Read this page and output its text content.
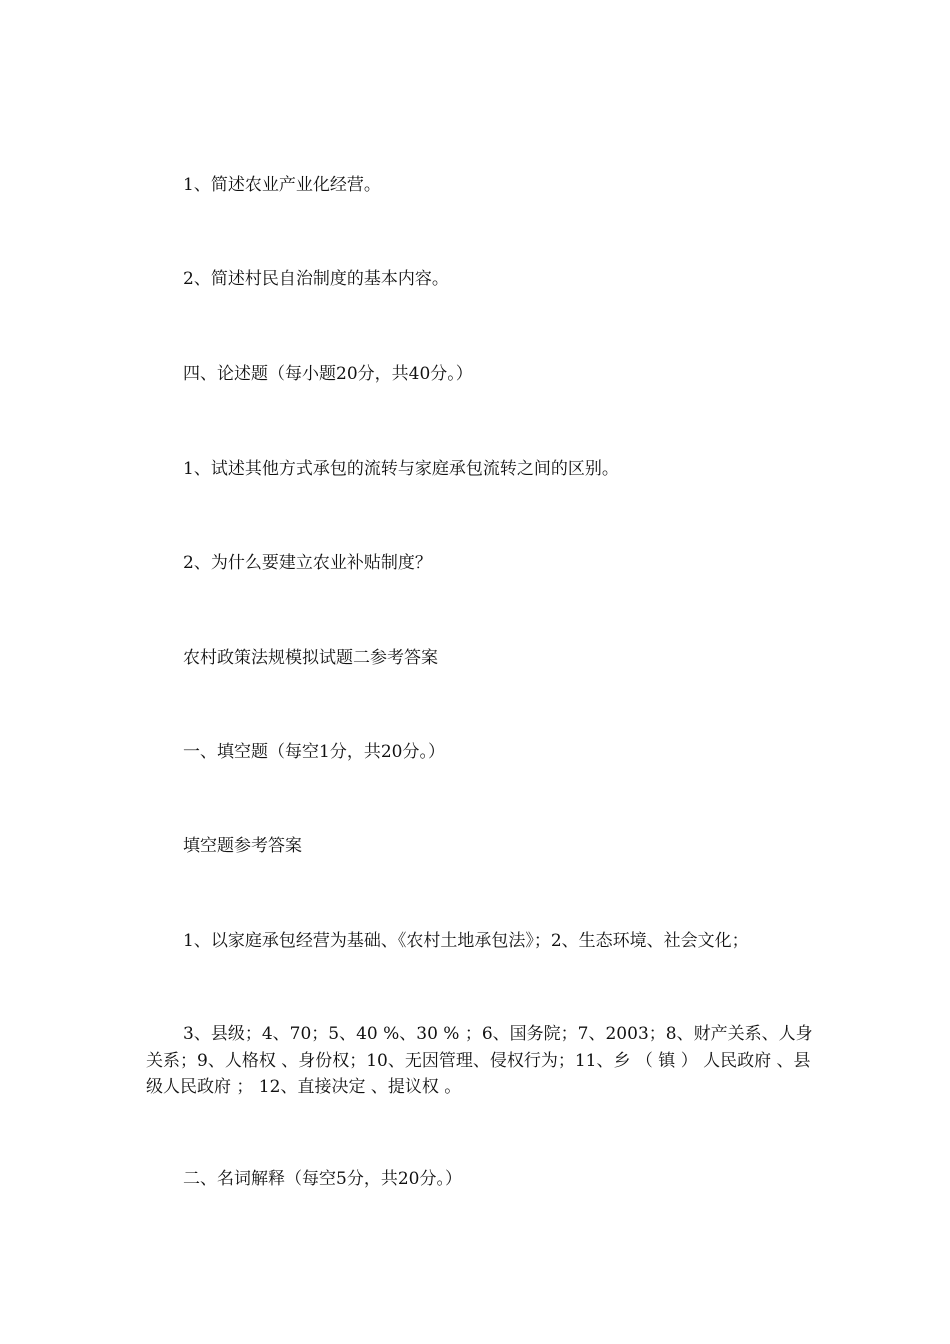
1、简述农业产业化经营。
2、简述村民自治制度的基本内容。
四、论述题（每小题20分，共40分。）
1、试述其他方式承包的流转与家庭承包流转之间的区别。
2、为什么要建立农业补贴制度？
农村政策法规模拟试题二参考答案
一、填空题（每空1分，共20分。）
填空题参考答案
1、以家庭承包经营为基础、《农村土地承包法》；2、生态环境、社会文化；
3、县级；4、70；5、40 %、30 % ；6、国务院；7、2003；8、财产关系、人身关系；9、人格权 、身份权；10、无因管理、侵权行为；11、乡 （ 镇 ） 人民政府 、县级人民政府 ； 12、直接决定 、提议权 。
二、名词解释（每空5分，共20分。）
